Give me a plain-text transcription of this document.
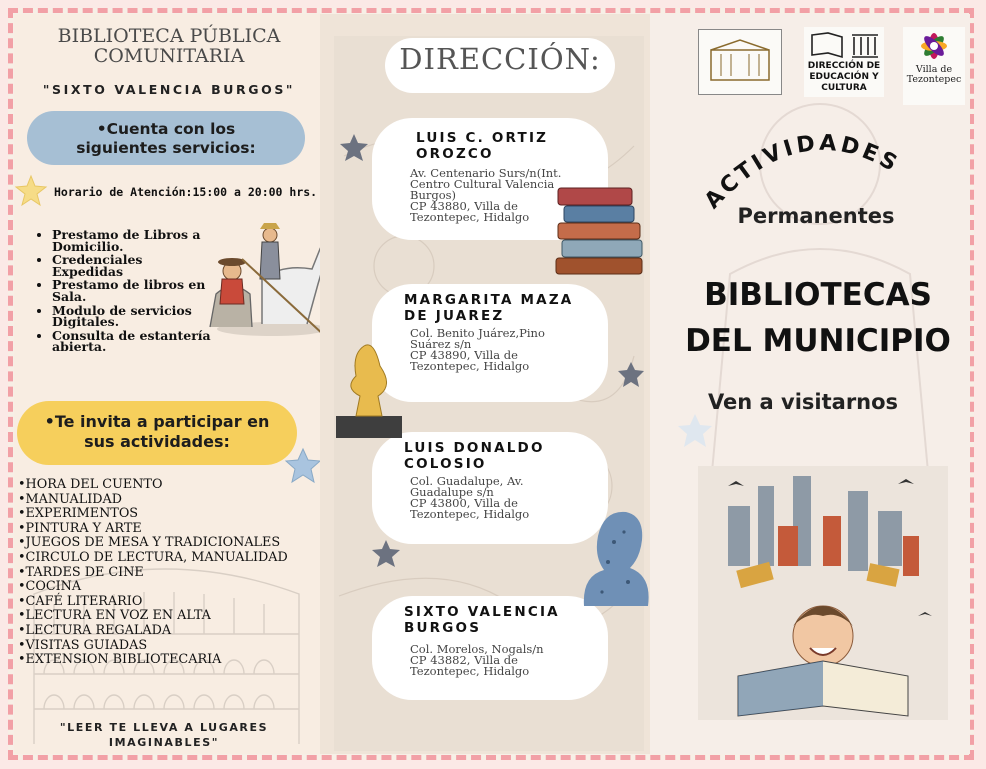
BIBLIOTECA PÚBLICA
COMUNITARIA
"SIXTO VALENCIA BURGOS"
•Cuenta con los siguientes servicios:
Horario de Atención:15:00 a 20:00 hrs.
• Prestamo de Libros a Domicilio.
• Credenciales Expedidas
• Prestamo de libros en Sala.
• Modulo de servicios Digitales.
• Consulta de estantería abierta.
•Te invita a participar en sus actividades:
•HORA DEL CUENTO
•MANUALIDAD
•EXPERIMENTOS
•PINTURA Y ARTE
•JUEGOS DE MESA Y TRADICIONALES
•CIRCULO DE LECTURA, MANUALIDAD
•TARDES DE CINE
•COCINA
•CAFÉ LITERARIO
•LECTURA EN VOZ EN ALTA
•LECTURA REGALADA
•VISITAS GUIADAS
•EXTENSION BIBLIOTECARIA
"LEER TE LLEVA A LUGARES
IMAGINABLES"
DIRECCIÓN:
LUIS C. ORTIZ
OROZCO

Av. Centenario Surs/n(Int.
Centro Cultural Valencia
Burgos)
CP 43880, Villa de
Tezontepec, Hidalgo

MARGARITA MAZA
DE JUAREZ

Col. Benito Juárez,Pino
Suárez s/n
CP 43890, Villa de
Tezontepec, Hidalgo

LUIS DONALDO
COLOSIO

Col. Guadalupe, Av.
Guadalupe s/n
CP 43800, Villa de
Tezontepec, Hidalgo

SIXTO VALENCIA
BURGOS

Col. Morelos, Nogals/n
CP 43882, Villa de
Tezontepec, Hidalgo

DIRECCIÓN DE EDUCACIÓN Y CULTURA
Villa de
Tezontepec
ACTIVIDADES
Permanentes
BIBLIOTECAS
DEL MUNICIPIO
Ven a visitarnos
